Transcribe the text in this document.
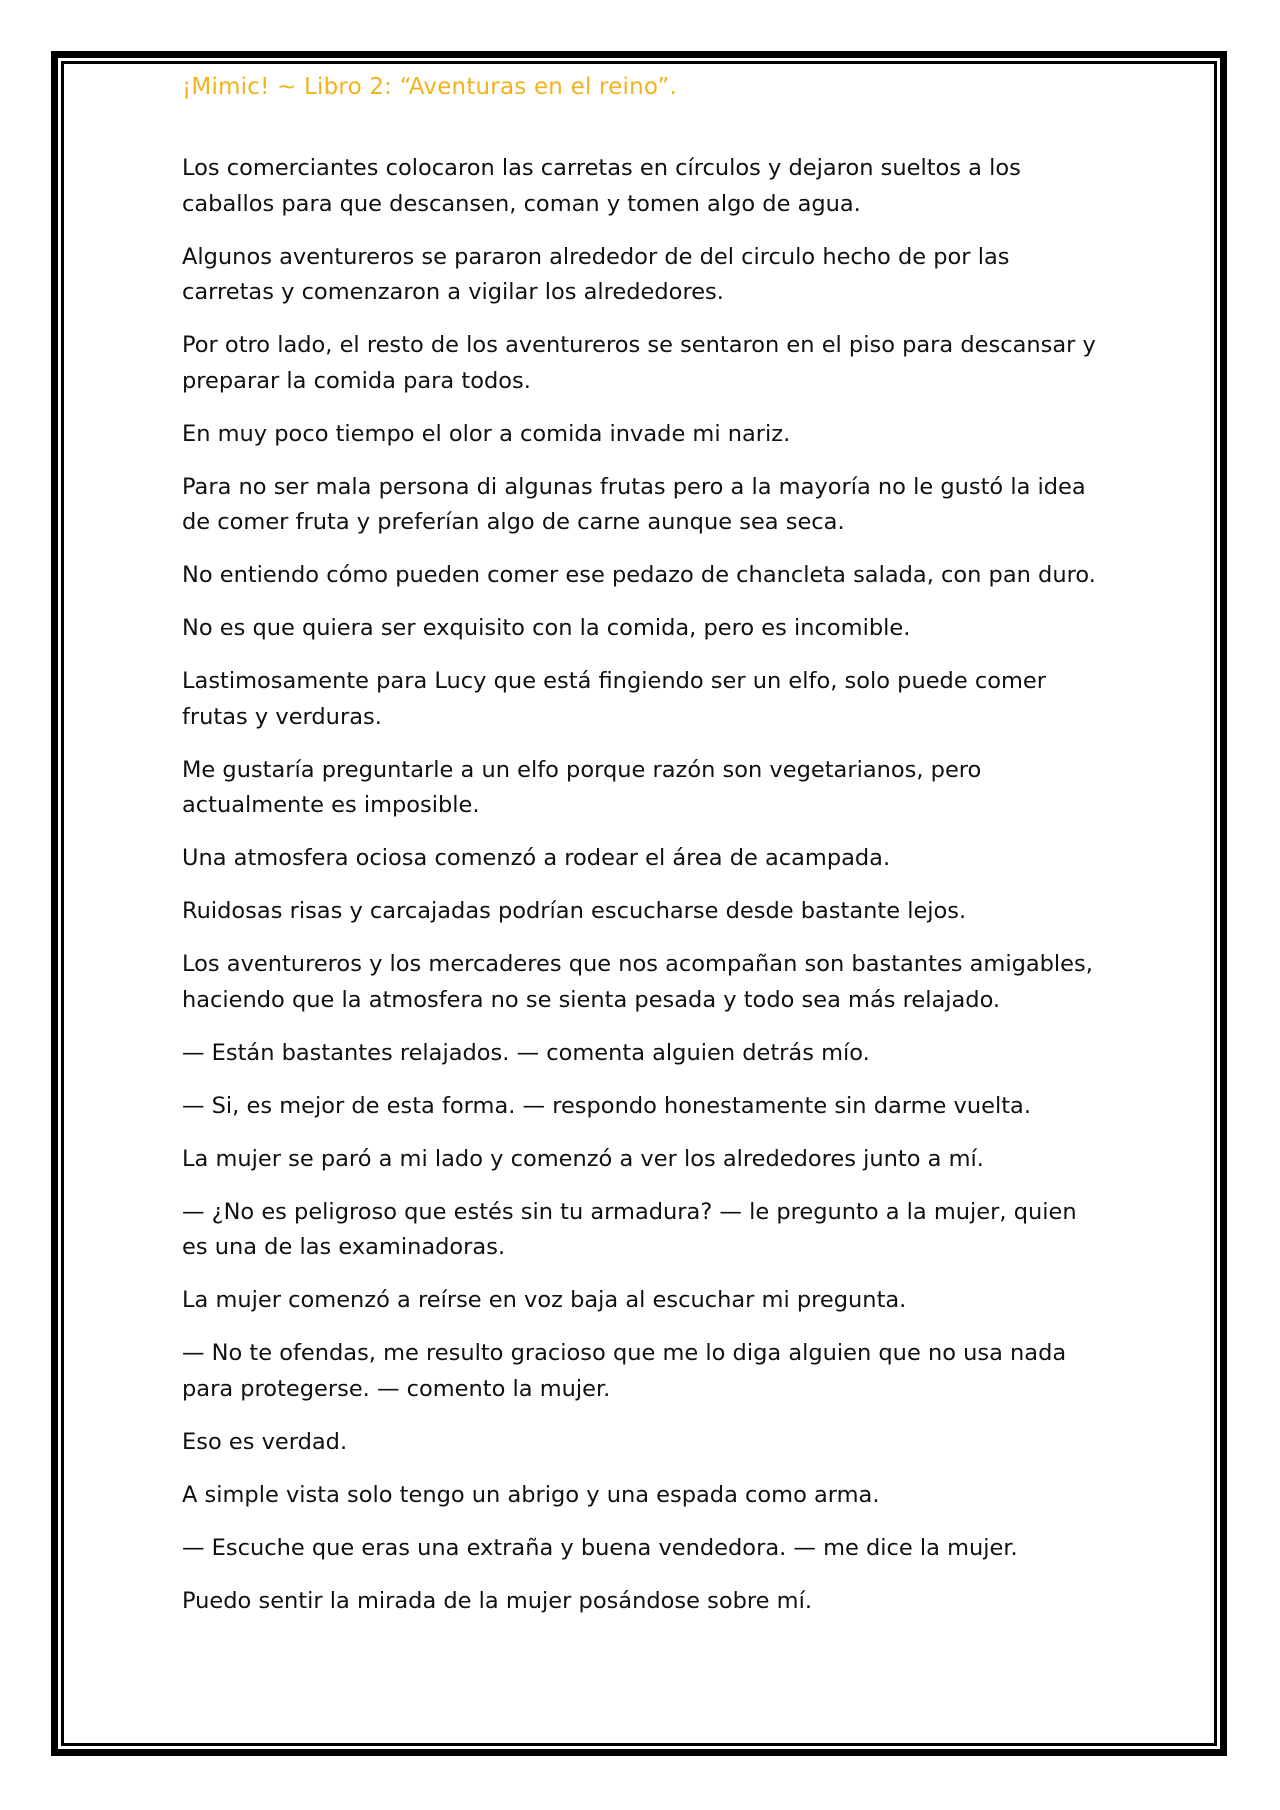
¡Mimic! ~ Libro 2: “Aventuras en el reino”.

Los comerciantes colocaron las carretas en círculos y dejaron sueltos a los caballos para que descansen, coman y tomen algo de agua.

Algunos aventureros se pararon alrededor de del circulo hecho de por las carretas y comenzaron a vigilar los alrededores.

Por otro lado, el resto de los aventureros se sentaron en el piso para descansar y preparar la comida para todos.

En muy poco tiempo el olor a comida invade mi nariz.

Para no ser mala persona di algunas frutas pero a la mayoría no le gustó la idea de comer fruta y preferían algo de carne aunque sea seca.

No entiendo cómo pueden comer ese pedazo de chancleta salada, con pan duro.

No es que quiera ser exquisito con la comida, pero es incomible.

Lastimosamente para Lucy que está fingiendo ser un elfo, solo puede comer frutas y verduras.

Me gustaría preguntarle a un elfo porque razón son vegetarianos, pero actualmente es imposible.

Una atmosfera ociosa comenzó a rodear el área de acampada.

Ruidosas risas y carcajadas podrían escucharse desde bastante lejos.

Los aventureros y los mercaderes que nos acompañan son bastantes amigables, haciendo que la atmosfera no se sienta pesada y todo sea más relajado.

— Están bastantes relajados. — comenta alguien detrás mío.

— Si, es mejor de esta forma. — respondo honestamente sin darme vuelta.

La mujer se paró a mi lado y comenzó a ver los alrededores junto a mí.

— ¿No es peligroso que estés sin tu armadura? — le pregunto a la mujer, quien es una de las examinadoras.

La mujer comenzó a reírse en voz baja al escuchar mi pregunta.

— No te ofendas, me resulto gracioso que me lo diga alguien que no usa nada para protegerse. — comento la mujer.

Eso es verdad.

A simple vista solo tengo un abrigo y una espada como arma.

— Escuche que eras una extraña y buena vendedora. — me dice la mujer.

Puedo sentir la mirada de la mujer posándose sobre mí.
